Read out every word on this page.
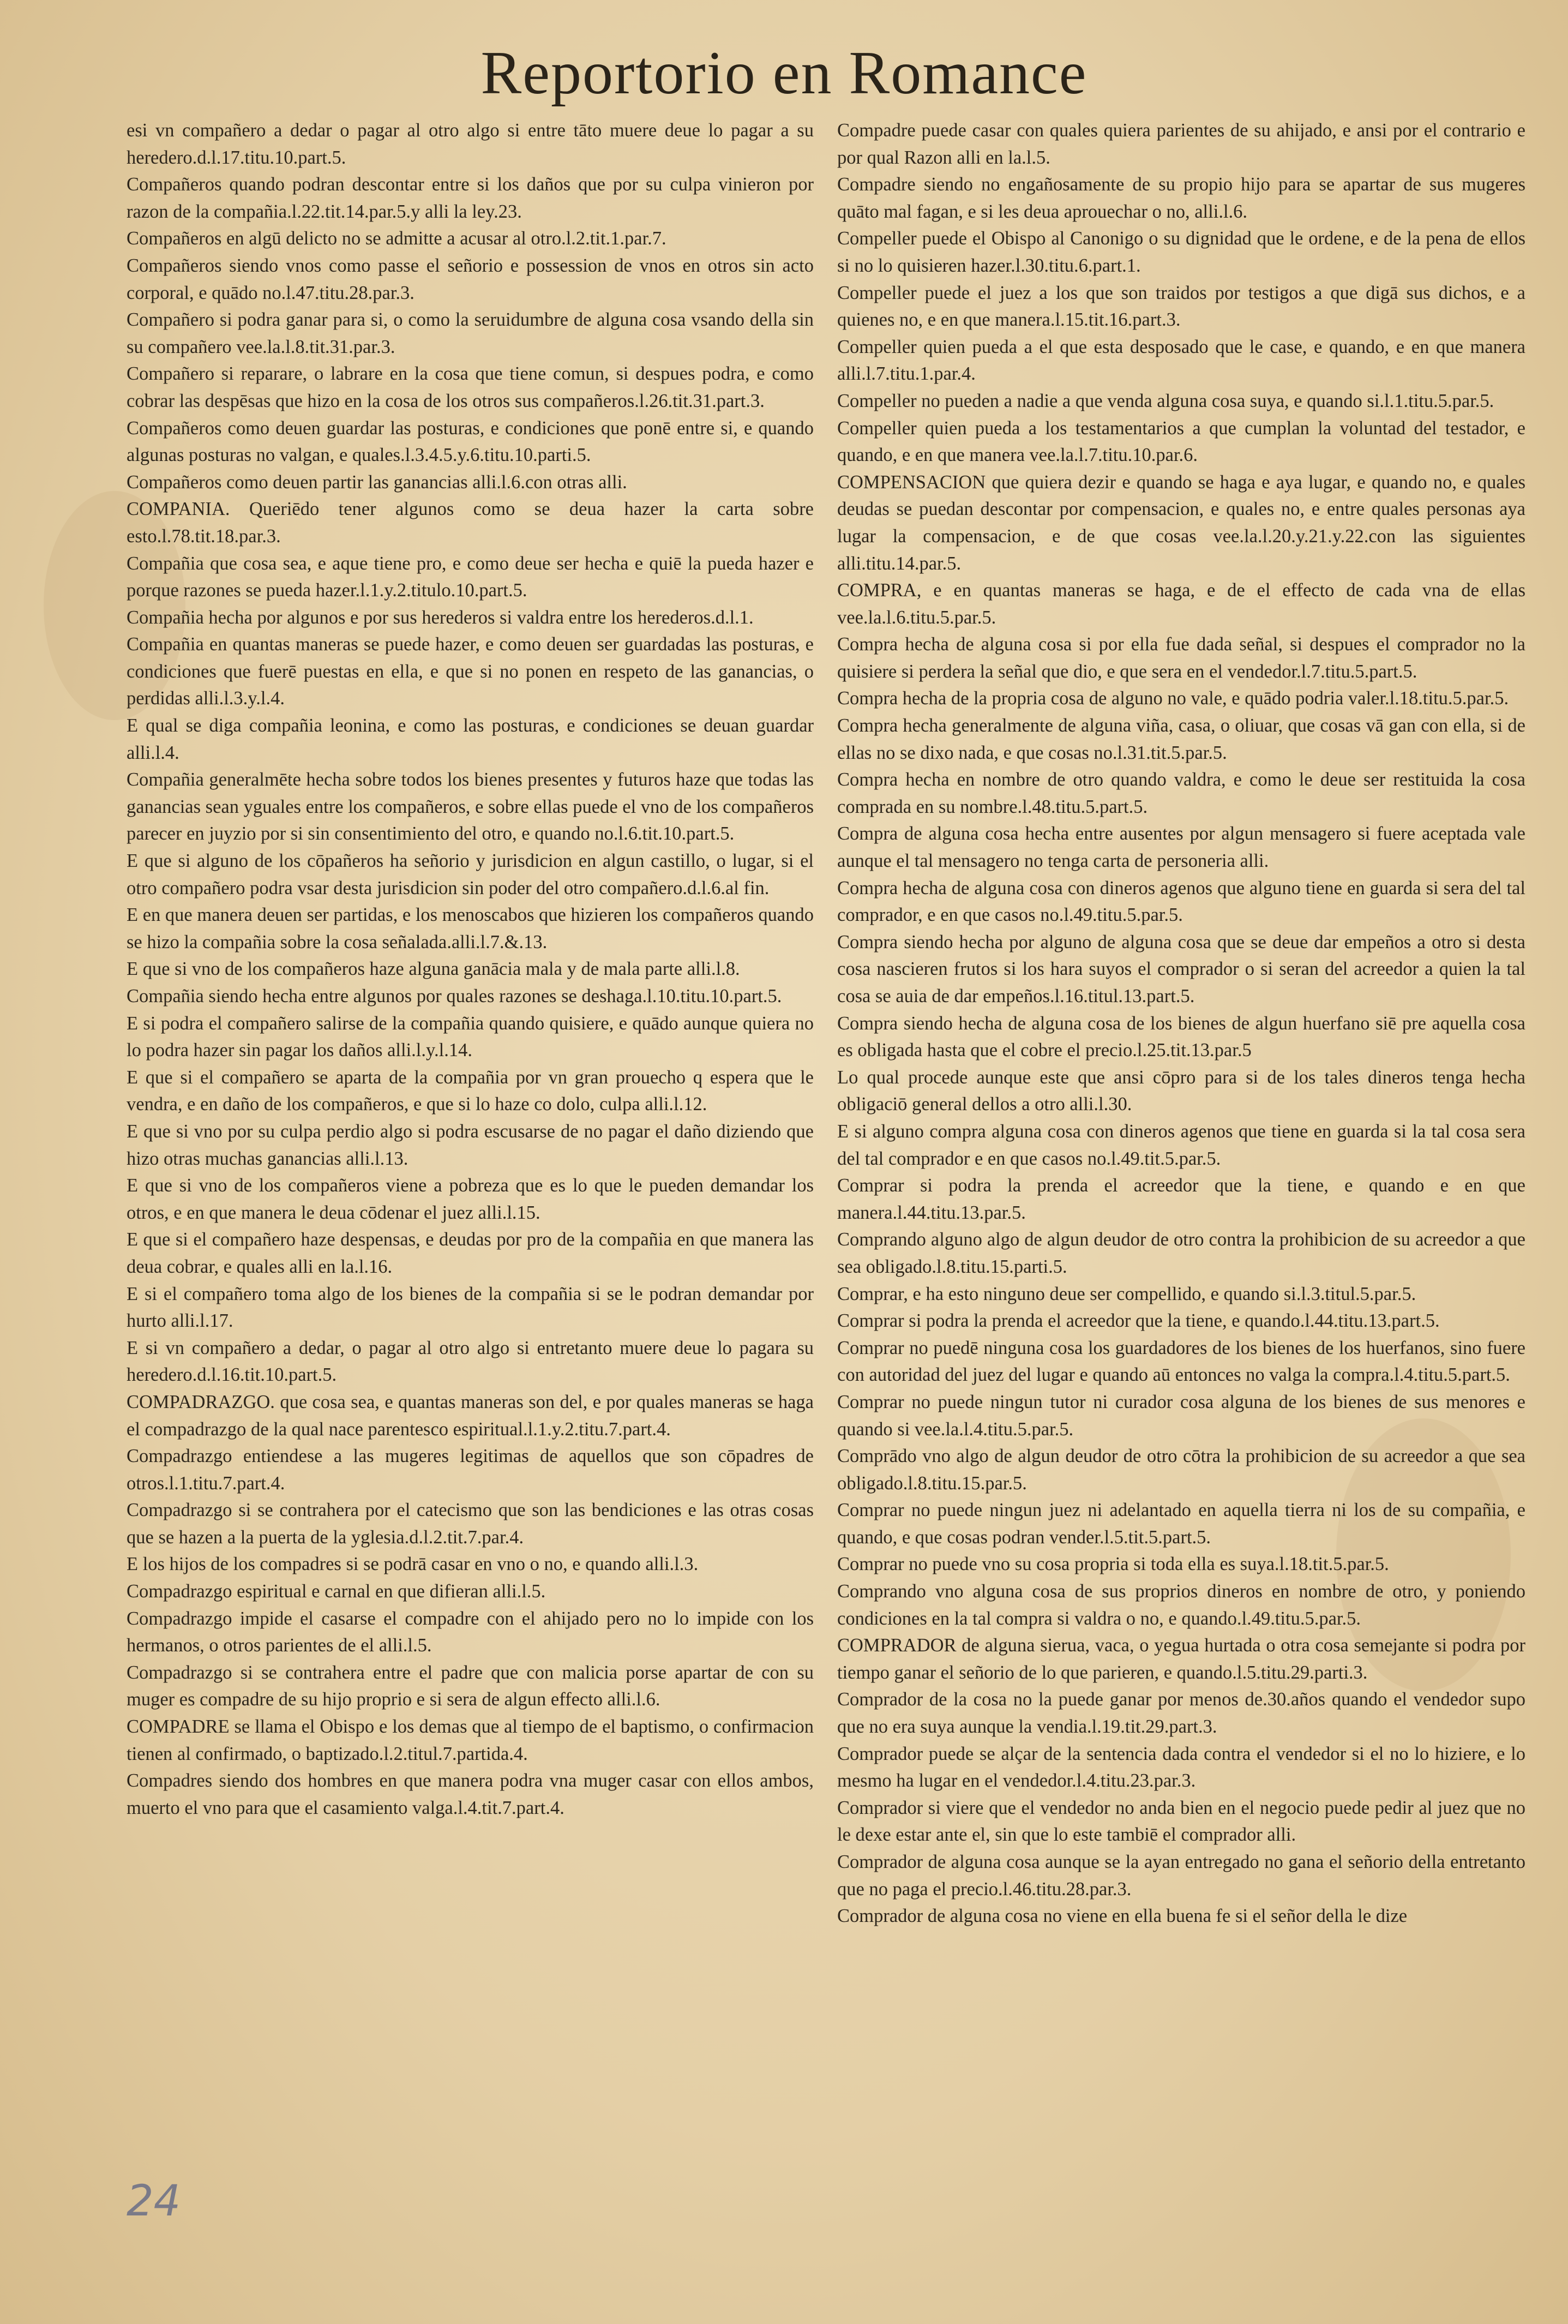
Reportorio en Romance

esi vn compañero a dedar o pagar al otro algo si entre tāto muere deue lo pagar a su heredero.d.l.17.titu.10.part.5.

Compañeros quando podran descontar entre si los daños que por su culpa vinieron por razon de la compañia.l.22.tit.14.par.5.y alli la ley.23.

Compañeros en algū delicto no se admitte a acusar al otro.l.2.tit.1.par.7.

Compañeros siendo vnos como passe el señorio e possession de vnos en otros sin acto corporal, e quādo no.l.47.titu.28.par.3.

Compañero si podra ganar para si, o como la seruidumbre de alguna cosa vsando della sin su compañero vee.la.l.8.tit.31.par.3.

Compañero si reparare, o labrare en la cosa que tiene comun, si despues podra, e como cobrar las despēsas que hizo en la cosa de los otros sus compañeros.l.26.tit.31.part.3.

Compañeros como deuen guardar las posturas, e condiciones que ponē entre si, e quando algunas posturas no valgan, e quales.l.3.4.5.y.6.titu.10.parti.5.

Compañeros como deuen partir las ganancias alli.l.6.con otras alli.

COMPANIA. Queriēdo tener algunos como se deua hazer la carta sobre esto.l.78.tit.18.par.3.

Compañia que cosa sea, e aque tiene pro, e como deue ser hecha e quiē la pueda hazer e porque razones se pueda hazer.l.1.y.2.titulo.10.part.5.

Compañia hecha por algunos e por sus herederos si valdra entre los herederos.d.l.1.

Compañia en quantas maneras se puede hazer, e como deuen ser guardadas las posturas, e condiciones que fuerē puestas en ella, e que si no ponen en respeto de las ganancias, o perdidas alli.l.3.y.l.4.

E qual se diga compañia leonina, e como las posturas, e condiciones se deuan guardar alli.l.4.

Compañia generalmēte hecha sobre todos los bienes presentes y futuros haze que todas las ganancias sean yguales entre los compañeros, e sobre ellas puede el vno de los compañeros parecer en juyzio por si sin consentimiento del otro, e quando no.l.6.tit.10.part.5.

E que si alguno de los cōpañeros ha señorio y jurisdicion en algun castillo, o lugar, si el otro compañero podra vsar desta jurisdicion sin poder del otro compañero.d.l.6.al fin.

E en que manera deuen ser partidas, e los menoscabos que hizieren los compañeros quando se hizo la compañia sobre la cosa señalada.alli.l.7.&.13.

E que si vno de los compañeros haze alguna ganācia mala y de mala parte alli.l.8.

Compañia siendo hecha entre algunos por quales razones se deshaga.l.10.titu.10.part.5.

E si podra el compañero salirse de la compañia quando quisiere, e quādo aunque quiera no lo podra hazer sin pagar los daños alli.l.y.l.14.

E que si el compañero se aparta de la compañia por vn gran prouecho q espera que le vendra, e en daño de los compañeros, e que si lo haze co dolo, culpa alli.l.12.

E que si vno por su culpa perdio algo si podra escusarse de no pagar el daño diziendo que hizo otras muchas ganancias alli.l.13.

E que si vno de los compañeros viene a pobreza que es lo que le pueden demandar los otros, e en que manera le deua cōdenar el juez alli.l.15.

E que si el compañero haze despensas, e deudas por pro de la compañia en que manera las deua cobrar, e quales alli en la.l.16.

E si el compañero toma algo de los bienes de la compañia si se le podran demandar por hurto alli.l.17.

E si vn compañero a dedar, o pagar al otro algo si entretanto muere deue lo pagara su heredero.d.l.16.tit.10.part.5.

COMPADRAZGO. que cosa sea, e quantas maneras son del, e por quales maneras se haga el compadrazgo de la qual nace parentesco espiritual.l.1.y.2.titu.7.part.4.

Compadrazgo entiendese a las mugeres legitimas de aquellos que son cōpadres de otros.l.1.titu.7.part.4.

Compadrazgo si se contrahera por el catecismo que son las bendiciones e las otras cosas que se hazen a la puerta de la yglesia.d.l.2.tit.7.par.4.

E los hijos de los compadres si se podrā casar en vno o no, e quando alli.l.3.

Compadrazgo espiritual e carnal en que difieran alli.l.5.

Compadrazgo impide el casarse el compadre con el ahijado pero no lo impide con los hermanos, o otros parientes de el alli.l.5.

Compadrazgo si se contrahera entre el padre que con malicia porse apartar de con su muger es compadre de su hijo proprio e si sera de algun effecto alli.l.6.

COMPADRE se llama el Obispo e los demas que al tiempo de el baptismo, o confirmacion tienen al confirmado, o baptizado.l.2.titul.7.partida.4.

Compadres siendo dos hombres en que manera podra vna muger casar con ellos ambos, muerto el vno para que el casamiento valga.l.4.tit.7.part.4.

Compadre puede casar con quales quiera parientes de su ahijado, e ansi por el contrario e por qual Razon alli en la.l.5.

Compadre siendo no engañosamente de su propio hijo para se apartar de sus mugeres quāto mal fagan, e si les deua aprouechar o no, alli.l.6.

Compeller puede el Obispo al Canonigo o su dignidad que le ordene, e de la pena de ellos si no lo quisieren hazer.l.30.titu.6.part.1.

Compeller puede el juez a los que son traidos por testigos a que digā sus dichos, e a quienes no, e en que manera.l.15.tit.16.part.3.

Compeller quien pueda a el que esta desposado que le case, e quando, e en que manera alli.l.7.titu.1.par.4.

Compeller no pueden a nadie a que venda alguna cosa suya, e quando si.l.1.titu.5.par.5.

Compeller quien pueda a los testamentarios a que cumplan la voluntad del testador, e quando, e en que manera vee.la.l.7.titu.10.par.6.

COMPENSACION que quiera dezir e quando se haga e aya lugar, e quando no, e quales deudas se puedan descontar por compensacion, e quales no, e entre quales personas aya lugar la compensacion, e de que cosas vee.la.l.20.y.21.y.22.con las siguientes alli.titu.14.par.5.

COMPRA, e en quantas maneras se haga, e de el effecto de cada vna de ellas vee.la.l.6.titu.5.par.5.

Compra hecha de alguna cosa si por ella fue dada señal, si despues el comprador no la quisiere si perdera la señal que dio, e que sera en el vendedor.l.7.titu.5.part.5.

Compra hecha de la propria cosa de alguno no vale, e quādo podria valer.l.18.titu.5.par.5.

Compra hecha generalmente de alguna viña, casa, o oliuar, que cosas vā gan con ella, si de ellas no se dixo nada, e que cosas no.l.31.tit.5.par.5.

Compra hecha en nombre de otro quando valdra, e como le deue ser restituida la cosa comprada en su nombre.l.48.titu.5.part.5.

Compra de alguna cosa hecha entre ausentes por algun mensagero si fuere aceptada vale aunque el tal mensagero no tenga carta de personeria alli.

Compra hecha de alguna cosa con dineros agenos que alguno tiene en guarda si sera del tal comprador, e en que casos no.l.49.titu.5.par.5.

Compra siendo hecha por alguno de alguna cosa que se deue dar empeños a otro si desta cosa nascieren frutos si los hara suyos el comprador o si seran del acreedor a quien la tal cosa se auia de dar empeños.l.16.titul.13.part.5.

Compra siendo hecha de alguna cosa de los bienes de algun huerfano siē pre aquella cosa es obligada hasta que el cobre el precio.l.25.tit.13.par.5

Lo qual procede aunque este que ansi cōpro para si de los tales dineros tenga hecha obligaciō general dellos a otro alli.l.30.

E si alguno compra alguna cosa con dineros agenos que tiene en guarda si la tal cosa sera del tal comprador e en que casos no.l.49.tit.5.par.5.

Comprar si podra la prenda el acreedor que la tiene, e quando e en que manera.l.44.titu.13.par.5.

Comprando alguno algo de algun deudor de otro contra la prohibicion de su acreedor a que sea obligado.l.8.titu.15.parti.5.

Comprar, e ha esto ninguno deue ser compellido, e quando si.l.3.titul.5.par.5.

Comprar si podra la prenda el acreedor que la tiene, e quando.l.44.titu.13.part.5.

Comprar no puedē ninguna cosa los guardadores de los bienes de los huerfanos, sino fuere con autoridad del juez del lugar e quando aū entonces no valga la compra.l.4.titu.5.part.5.

Comprar no puede ningun tutor ni curador cosa alguna de los bienes de sus menores e quando si vee.la.l.4.titu.5.par.5.

Comprādo vno algo de algun deudor de otro cōtra la prohibicion de su acreedor a que sea obligado.l.8.titu.15.par.5.

Comprar no puede ningun juez ni adelantado en aquella tierra ni los de su compañia, e quando, e que cosas podran vender.l.5.tit.5.part.5.

Comprar no puede vno su cosa propria si toda ella es suya.l.18.tit.5.par.5.

Comprando vno alguna cosa de sus proprios dineros en nombre de otro, y poniendo condiciones en la tal compra si valdra o no, e quando.l.49.titu.5.par.5.

COMPRADOR de alguna sierua, vaca, o yegua hurtada o otra cosa semejante si podra por tiempo ganar el señorio de lo que parieren, e quando.l.5.titu.29.parti.3.

Comprador de la cosa no la puede ganar por menos de.30.años quando el vendedor supo que no era suya aunque la vendia.l.19.tit.29.part.3.

Comprador puede se alçar de la sentencia dada contra el vendedor si el no lo hiziere, e lo mesmo ha lugar en el vendedor.l.4.titu.23.par.3.

Comprador si viere que el vendedor no anda bien en el negocio puede pedir al juez que no le dexe estar ante el, sin que lo este tambiē el comprador alli.

Comprador de alguna cosa aunque se la ayan entregado no gana el señorio della entretanto que no paga el precio.l.46.titu.28.par.3.

Comprador de alguna cosa no viene en ella buena fe si el señor della le dize

24
